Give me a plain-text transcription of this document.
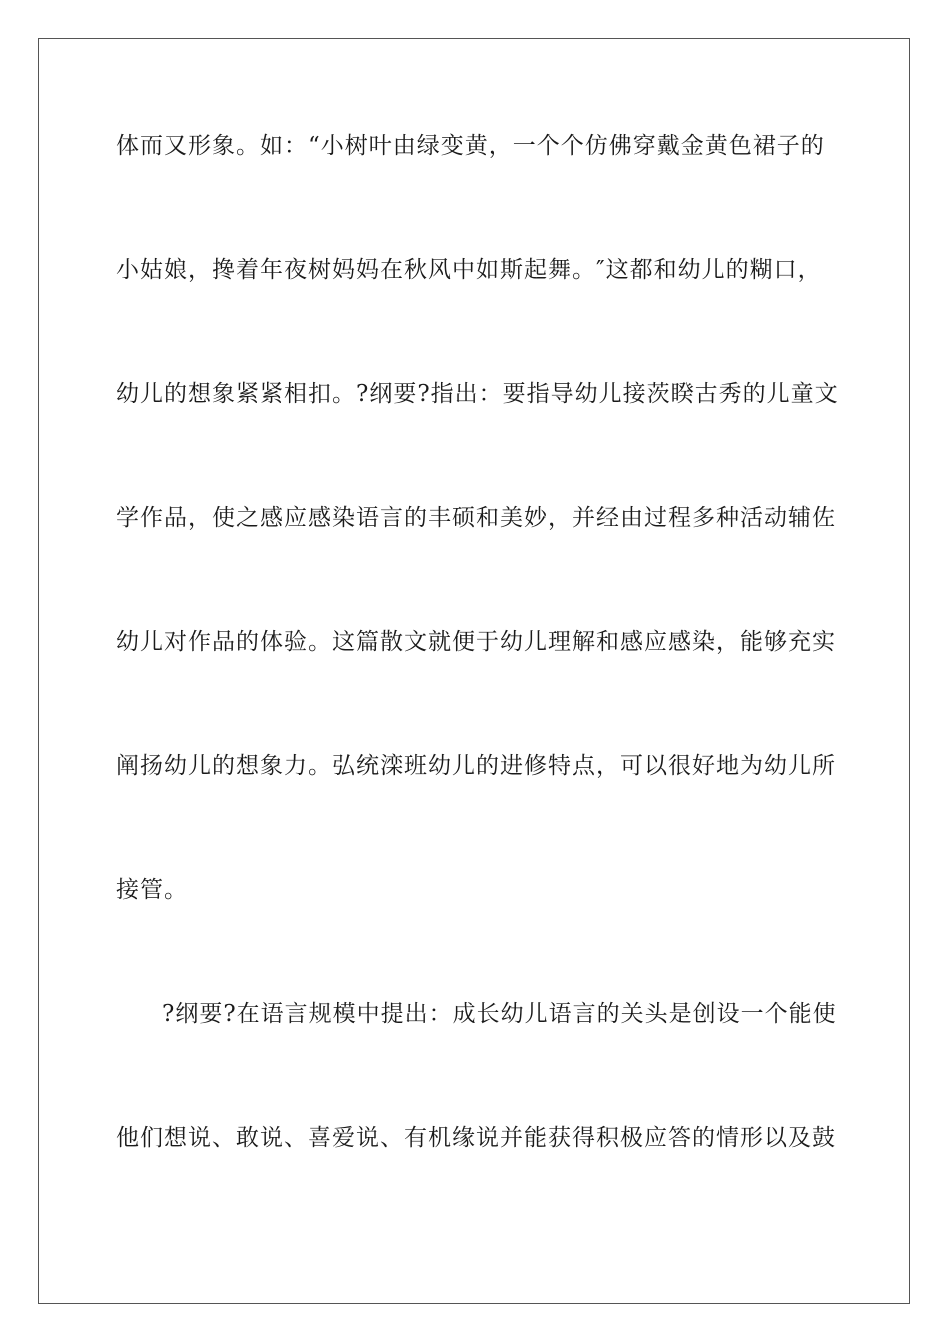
体而又形象。如：“小树叶由绿变黄，一个个仿佛穿戴金黄色裙子的
小姑娘，搀着年夜树妈妈在秋风中如斯起舞。″这都和幼儿的糊口，
幼儿的想象紧紧相扣。?纲要?指出：要指导幼儿接茨睽古秀的儿童文
学作品，使之感应感染语言的丰硕和美妙，并经由过程多种活动辅佐
幼儿对作品的体验。这篇散文就便于幼儿理解和感应感染，能够充实
阐扬幼儿的想象力。弘统滦班幼儿的进修特点，可以很好地为幼儿所
接管。
?纲要?在语言规模中提出：成长幼儿语言的关头是创设一个能使
他们想说、敢说、喜爱说、有机缘说并能获得积极应答的情形以及鼓
